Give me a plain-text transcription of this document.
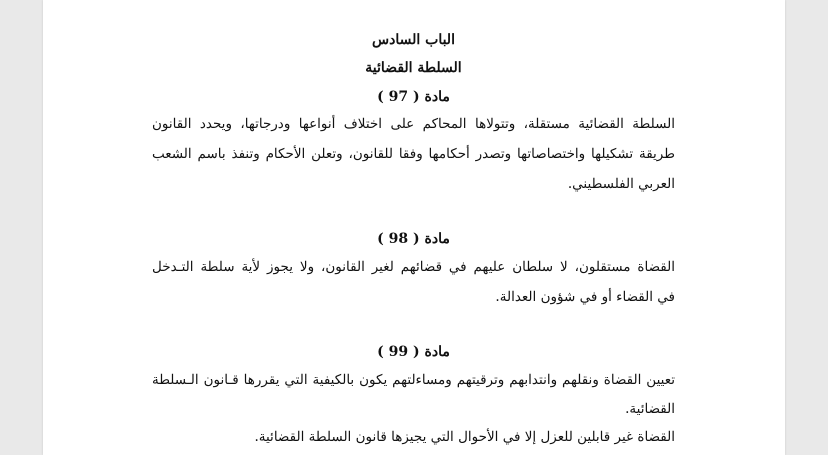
الباب السادس
السلطة القضائية
مادة ( 97 )
السلطة القضائية مستقلة، وتتولاها المحاكم على اختلاف أنواعها ودرجاتها، ويحدد القانون
طريقة تشكيلها واختصاصاتها وتصدر أحكامها وفقا للقانون، وتعلن الأحكام وتنفذ باسم الشعب
العربي الفلسطيني.
مادة ( 98 )
القضاة مستقلون، لا سلطان عليهم في قضائهم لغير القانون، ولا يجوز لأية سلطة التـدخل
في القضاء أو في شؤون العدالة.
مادة ( 99 )
تعيين القضاة ونقلهم وانتدابهم وترقيتهم ومساءلتهم يكون بالكيفية التي يقررها قـانون الـسلطة
القضائية.
القضاة غير قابلين للعزل إلا في الأحوال التي يجيزها قانون السلطة القضائية.
